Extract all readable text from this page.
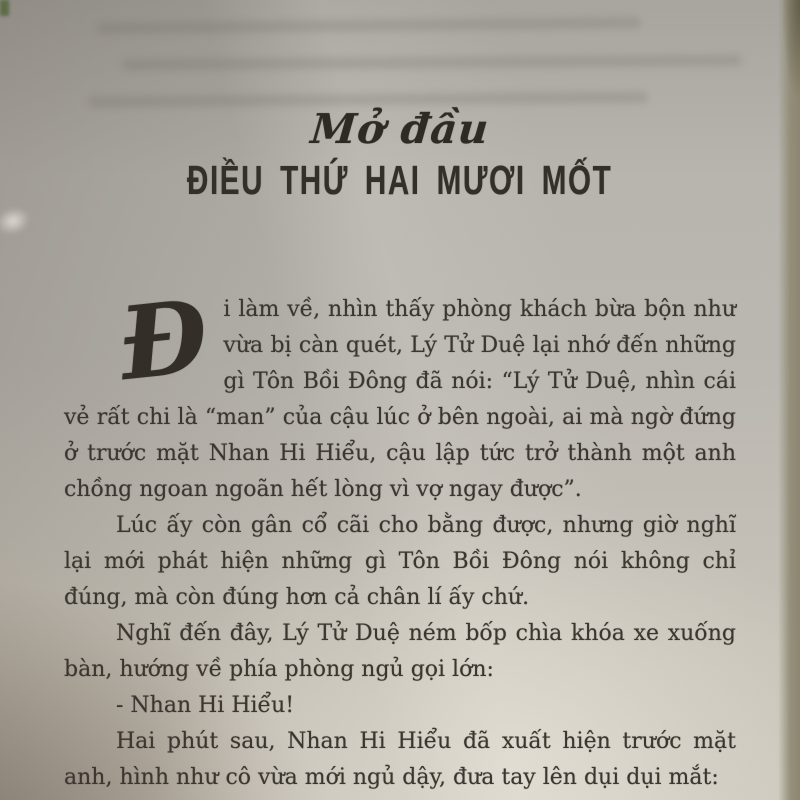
Mở đầu
ĐIỀU THỨ HAI MƯƠI MỐT

Đi làm về, nhìn thấy phòng khách bừa bộn như vừa bị càn quét, Lý Tử Duệ lại nhớ đến những gì Tôn Bồi Đông đã nói: “Lý Tử Duệ, nhìn cái vẻ rất chi là “man” của cậu lúc ở bên ngoài, ai mà ngờ đứng ở trước mặt Nhan Hi Hiểu, cậu lập tức trở thành một anh chồng ngoan ngoãn hết lòng vì vợ ngay được”.

Lúc ấy còn gân cổ cãi cho bằng được, nhưng giờ nghĩ lại mới phát hiện những gì Tôn Bồi Đông nói không chỉ đúng, mà còn đúng hơn cả chân lí ấy chứ.

Nghĩ đến đây, Lý Tử Duệ ném bốp chìa khóa xe xuống bàn, hướng về phía phòng ngủ gọi lớn:

- Nhan Hi Hiểu!

Hai phút sau, Nhan Hi Hiểu đã xuất hiện trước mặt anh, hình như cô vừa mới ngủ dậy, đưa tay lên dụi dụi mắt:
